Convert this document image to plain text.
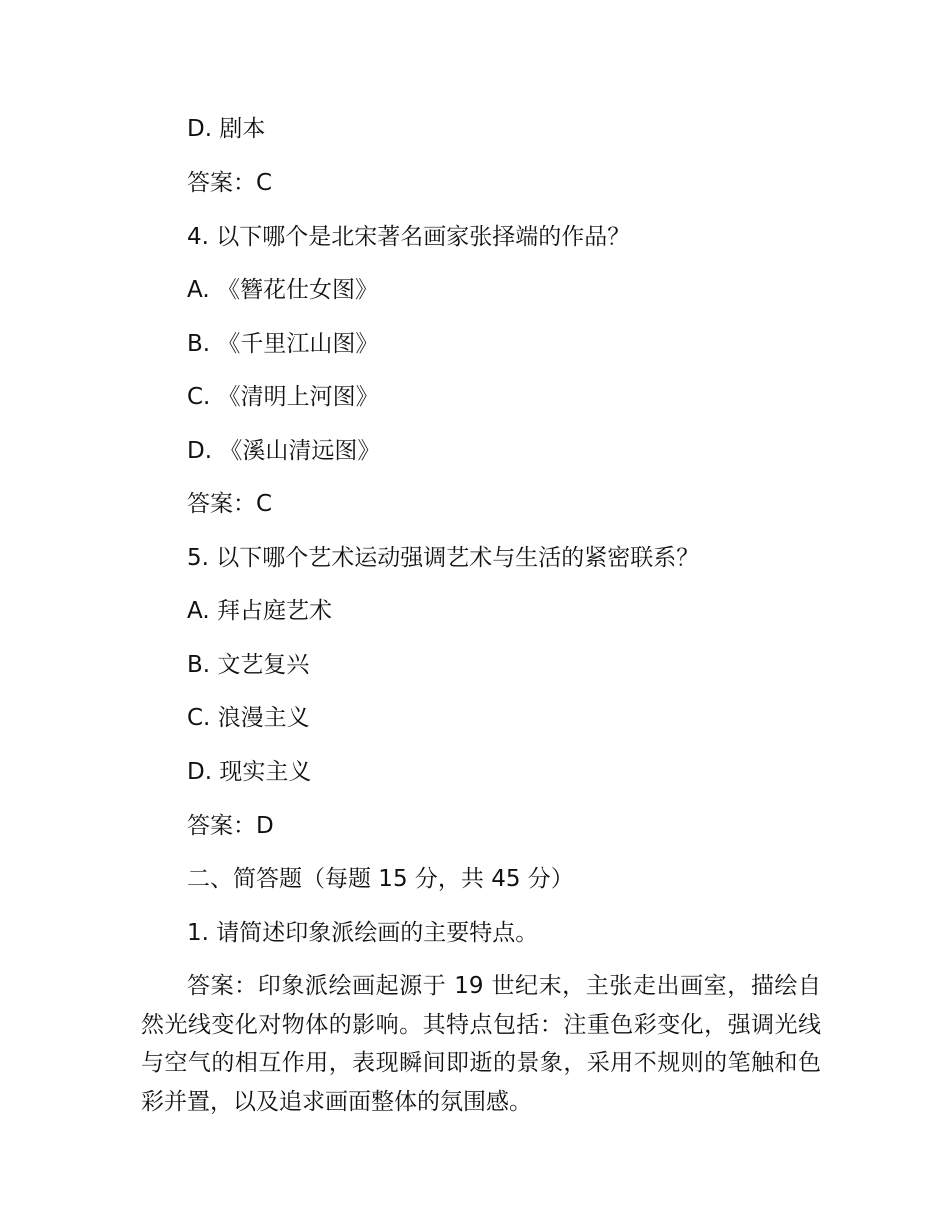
D. 剧本
答案：C
4. 以下哪个是北宋著名画家张择端的作品？
A. 《簪花仕女图》
B. 《千里江山图》
C. 《清明上河图》
D. 《溪山清远图》
答案：C
5. 以下哪个艺术运动强调艺术与生活的紧密联系？
A. 拜占庭艺术
B. 文艺复兴
C. 浪漫主义
D. 现实主义
答案：D
二、简答题（每题 15 分，共 45 分）
1. 请简述印象派绘画的主要特点。
答案：印象派绘画起源于 19 世纪末，主张走出画室，描绘自然光线变化对物体的影响。其特点包括：注重色彩变化，强调光线与空气的相互作用，表现瞬间即逝的景象，采用不规则的笔触和色彩并置，以及追求画面整体的氛围感。
